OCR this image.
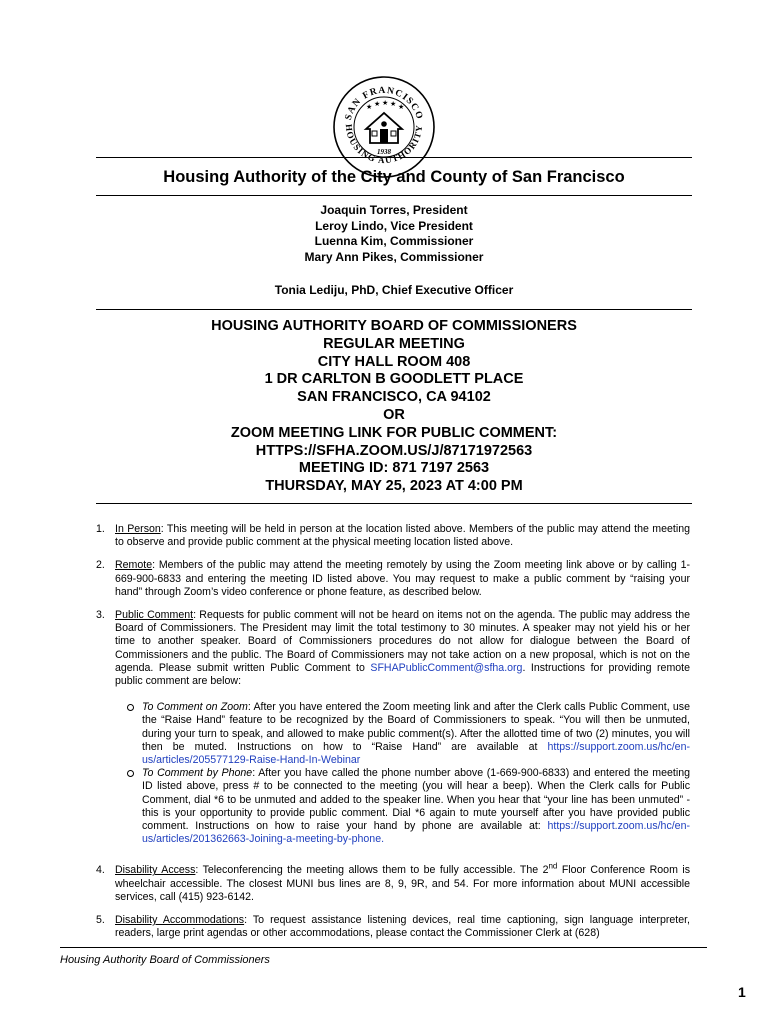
SAN FRANCISCO
HOUSING AUTHORITY
★ ★ ★ ★ ★
1938
Housing Authority of the City and County of San Francisco
Joaquin Torres, President
Leroy Lindo, Vice President
Luenna Kim, Commissioner
Mary Ann Pikes, Commissioner
Tonia Lediju, PhD, Chief Executive Officer
HOUSING AUTHORITY BOARD OF COMMISSIONERS
REGULAR MEETING
CITY HALL ROOM 408
1 DR CARLTON B GOODLETT PLACE
SAN FRANCISCO, CA 94102
OR
ZOOM MEETING LINK FOR PUBLIC COMMENT:
HTTPS://SFHA.ZOOM.US/J/87171972563
MEETING ID: 871 7197 2563
THURSDAY, MAY 25, 2023 AT 4:00 PM
1. In Person: This meeting will be held in person at the location listed above. Members of the public may attend the meeting to observe and provide public comment at the physical meeting location listed above.
2. Remote: Members of the public may attend the meeting remotely by using the Zoom meeting link above or by calling 1-669-900-6833 and entering the meeting ID listed above. You may request to make a public comment by “raising your hand” through Zoom’s video conference or phone feature, as described below.
3. Public Comment: Requests for public comment will not be heard on items not on the agenda. The public may address the Board of Commissioners. The President may limit the total testimony to 30 minutes. A speaker may not yield his or her time to another speaker. Board of Commissioners procedures do not allow for dialogue between the Board of Commissioners and the public. The Board of Commissioners may not take action on a new proposal, which is not on the agenda. Please submit written Public Comment to SFHAPublicComment@sfha.org. Instructions for providing remote public comment are below:
To Comment on Zoom: After you have entered the Zoom meeting link and after the Clerk calls Public Comment, use the “Raise Hand” feature to be recognized by the Board of Commissioners to speak. “You will then be unmuted, during your turn to speak, and allowed to make public comment(s). After the allotted time of two (2) minutes, you will then be muted. Instructions on how to “Raise Hand” are available at https://support.zoom.us/hc/en-us/articles/205577129-Raise-Hand-In-Webinar
To Comment by Phone: After you have called the phone number above (1-669-900-6833) and entered the meeting ID listed above, press # to be connected to the meeting (you will hear a beep). When the Clerk calls for Public Comment, dial *6 to be unmuted and added to the speaker line. When you hear that “your line has been unmuted” - this is your opportunity to provide public comment. Dial *6 again to mute yourself after you have provided public comment. Instructions on how to raise your hand by phone are available at: https://support.zoom.us/hc/en-us/articles/201362663-Joining-a-meeting-by-phone.
4. Disability Access: Teleconferencing the meeting allows them to be fully accessible. The 2nd Floor Conference Room is wheelchair accessible. The closest MUNI bus lines are 8, 9, 9R, and 54. For more information about MUNI accessible services, call (415) 923-6142.
5. Disability Accommodations: To request assistance listening devices, real time captioning, sign language interpreter, readers, large print agendas or other accommodations, please contact the Commissioner Clerk at (628)
Housing Authority Board of Commissioners
1
